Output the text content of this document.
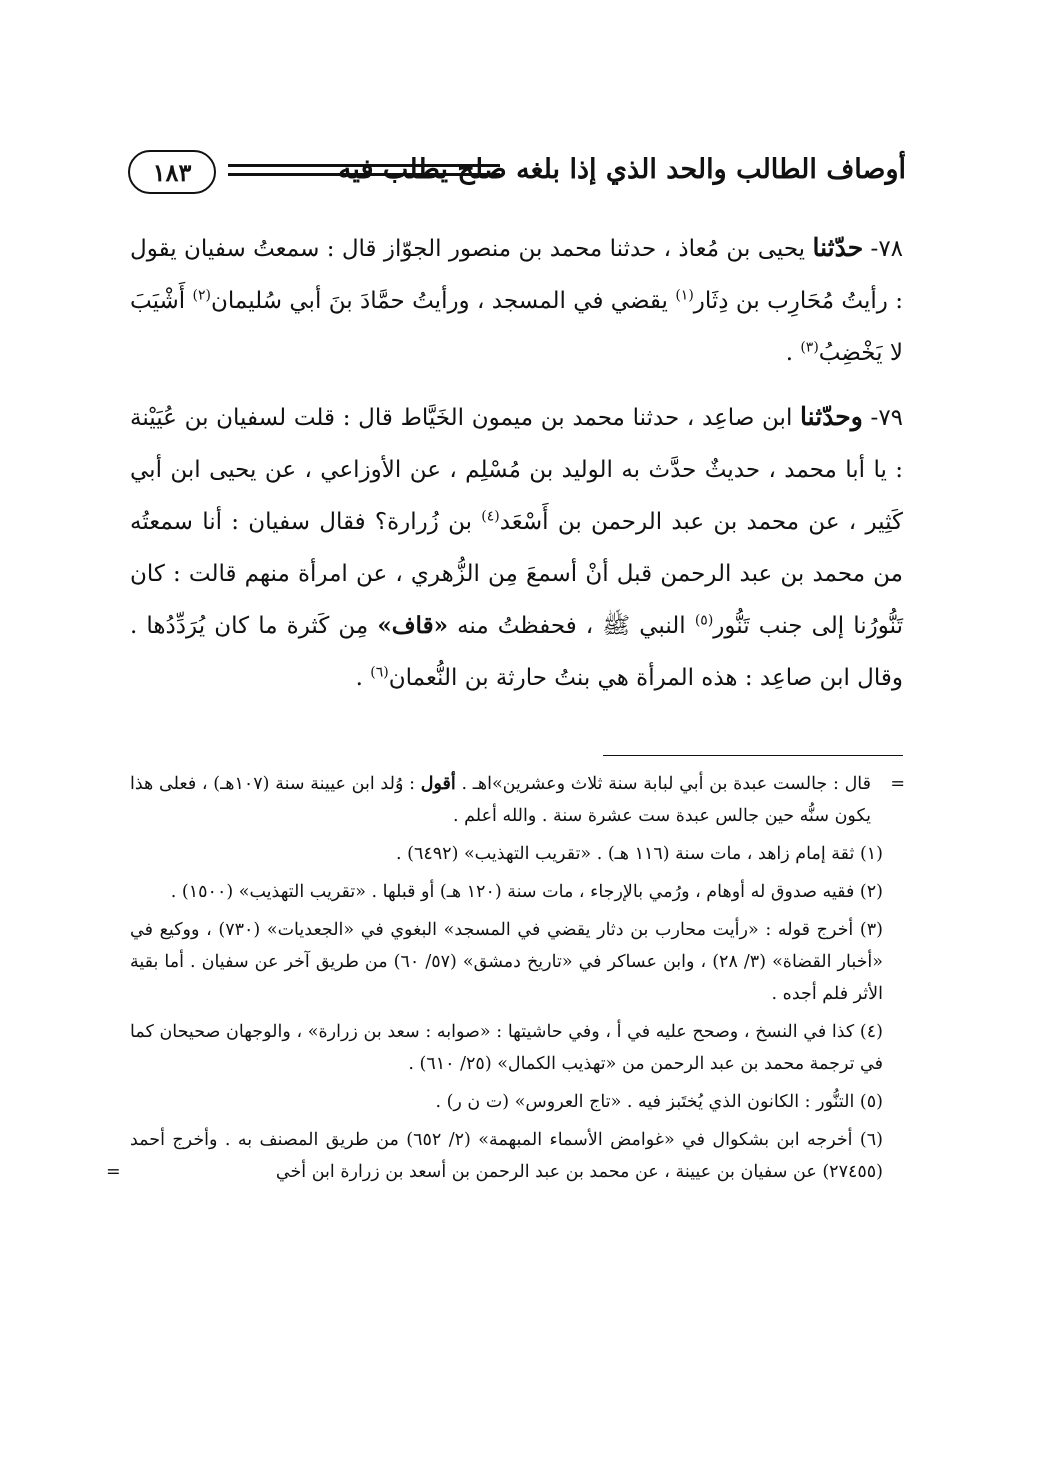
١٨٣	أوصاف الطالب والحد الذي إذا بلغه صلح يطلب فيه

٧٨- حدّثنا يحيى بن مُعاذ ، حدثنا محمد بن منصور الجوّاز قال : سمعتُ سفيان يقول : رأيتُ مُحَارِب بن دِثَار$^{(١)}$ يقضي في المسجد ، ورأيتُ حمَّادَ بنَ أبي سُليمان$^{(٢)}$ أَشْيَبَ لا يَخْضِبُ$^{(٣)}$ .

٧٩- وحدّثنا ابن صاعِد ، حدثنا محمد بن ميمون الخَيَّاط قال : قلت لسفيان بن عُيَيْنة : يا أبا محمد ، حديثٌ حدَّث به الوليد بن مُسْلِم ، عن الأوزاعي ، عن يحيى ابن أبي كَثِير ، عن محمد بن عبد الرحمن بن أَسْعَد$^{(٤)}$ بن زُرارة؟ فقال سفيان : أنا سمعتُه من محمد بن عبد الرحمن قبل أنْ أسمعَ مِن الزُّهري ، عن امرأة منهم قالت : كان تَنُّورُنا إلى جنب تَنُّور$^{(٥)}$ النبي ﷺ ، فحفظتُ منه «قاف» مِن كَثرة ما كان يُرَدِّدُها . وقال ابن صاعِد : هذه المرأة هي بنتُ حارثة بن النُّعمان$^{(٦)}$ .

=
قال : جالست عبدة بن أبي لبابة سنة ثلاث وعشرين»اهـ . أقول : وُلد ابن عيينة سنة (١٠٧هـ) ، فعلى هذا يكون سنُّه حين جالس عبدة ست عشرة سنة . والله أعلم .

(١) ثقة إمام زاهد ، مات سنة (١١٦ هـ) . «تقريب التهذيب» (٦٤٩٢) .

(٢) فقيه صدوق له أوهام ، ورُمي بالإرجاء ، مات سنة (١٢٠ هـ) أو قبلها . «تقريب التهذيب» (١٥٠٠) .

(٣) أخرج قوله : «رأيت محارب بن دثار يقضي في المسجد» البغوي في «الجعديات» (٧٣٠) ، ووكيع في «أخبار القضاة» (٣/ ٢٨) ، وابن عساكر في «تاريخ دمشق» (٥٧/ ٦٠) من طريق آخر عن سفيان . أما بقية الأثر فلم أجده .

(٤) كذا في النسخ ، وصحح عليه في أ ، وفي حاشيتها : «صوابه : سعد بن زرارة» ، والوجهان صحيحان كما في ترجمة محمد بن عبد الرحمن من «تهذيب الكمال» (٢٥/ ٦١٠) .

(٥) التنُّور : الكانون الذي يُختَبز فيه . «تاج العروس» (ت ن ر) .

(٦) أخرجه ابن بشكوال في «غوامض الأسماء المبهمة» (٢/ ٦٥٢) من طريق المصنف به . وأخرج أحمد (٢٧٤٥٥) عن سفيان بن عيينة ، عن محمد بن عبد الرحمن بن أسعد بن زرارة ابن أخي
=
